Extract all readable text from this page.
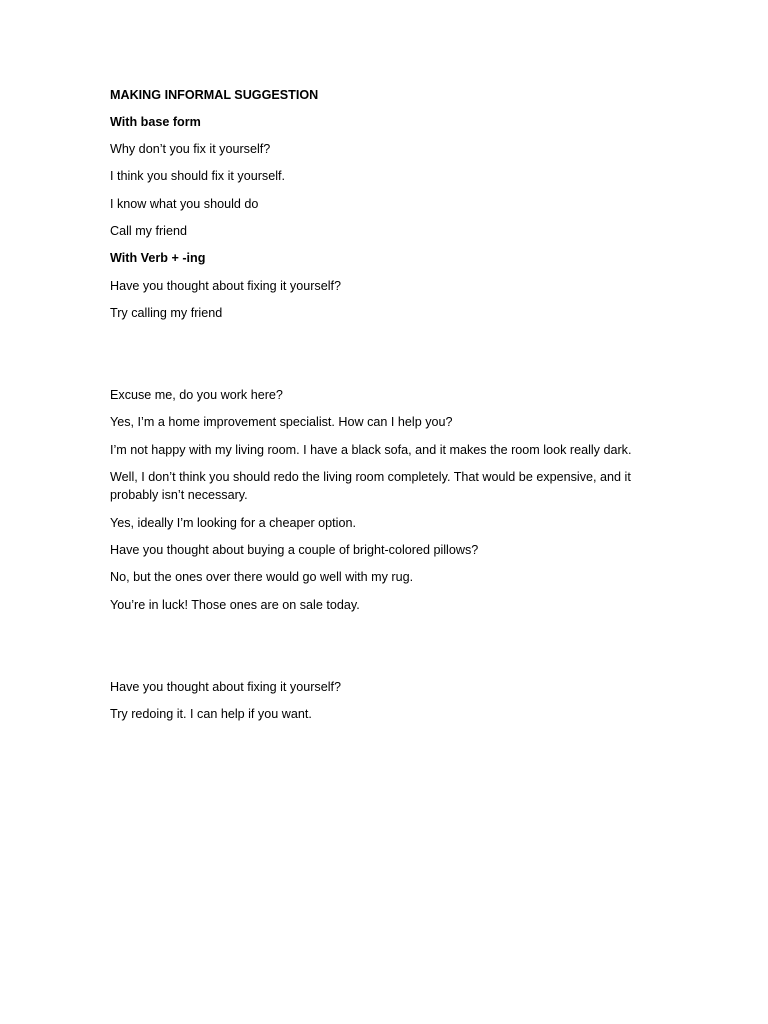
MAKING INFORMAL SUGGESTION

With base form

Why don’t you fix it yourself?

I think you should fix it yourself.

I know what you should do

Call my friend

With Verb + -ing

Have you thought about fixing it yourself?

Try calling my friend

Excuse me, do you work here?

Yes, I’m a home improvement specialist. How can I help you?

I’m not happy with my living room. I have a black sofa, and it makes the room look really dark.

Well, I don’t think you should redo the living room completely. That would be expensive, and it probably isn’t necessary.

Yes, ideally I’m looking for a cheaper option.

Have you thought about buying a couple of bright-colored pillows?

No, but the ones over there would go well with my rug.

You’re in luck! Those ones are on sale today.

Have you thought about fixing it yourself?

Try redoing it. I can help if you want.
